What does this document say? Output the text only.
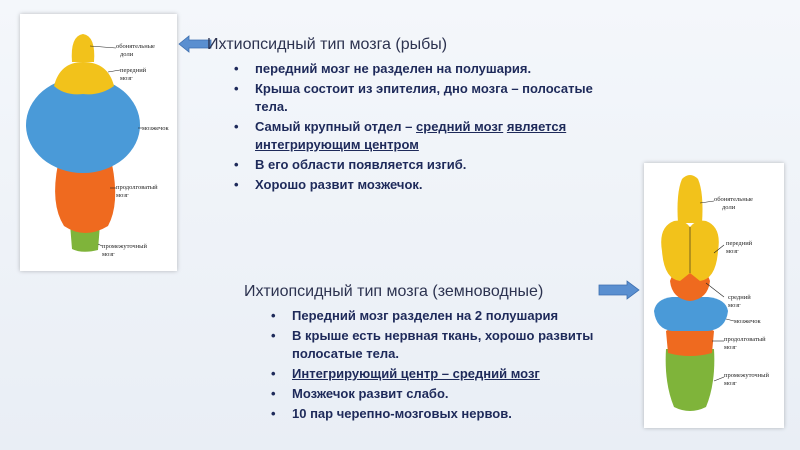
обонятельные
доли
передний
мозг
мозжечок
продолговатый
мозг
промежуточный
мозг
Ихтиопсидный тип мозга (рыбы)
• передний мозг не разделен на полушария.
• Крыша состоит из эпителия, дно мозга – полосатые тела.
• Самый крупный отдел – средний мозг является интегрирующим центром
• В его области появляется изгиб.
• Хорошо развит мозжечок.
Ихтиопсидный тип мозга (земноводные)
• Передний мозг разделен на 2 полушария
• В крыше есть нервная ткань, хорошо развиты полосатые тела.
• Интегрирующий центр – средний мозг
• Мозжечок развит слабо.
• 10 пар черепно-мозговых нервов.
обонятельные
доли
передний
мозг
средний
мозг
мозжечок
продолговатый
мозг
промежуточный
мозг
